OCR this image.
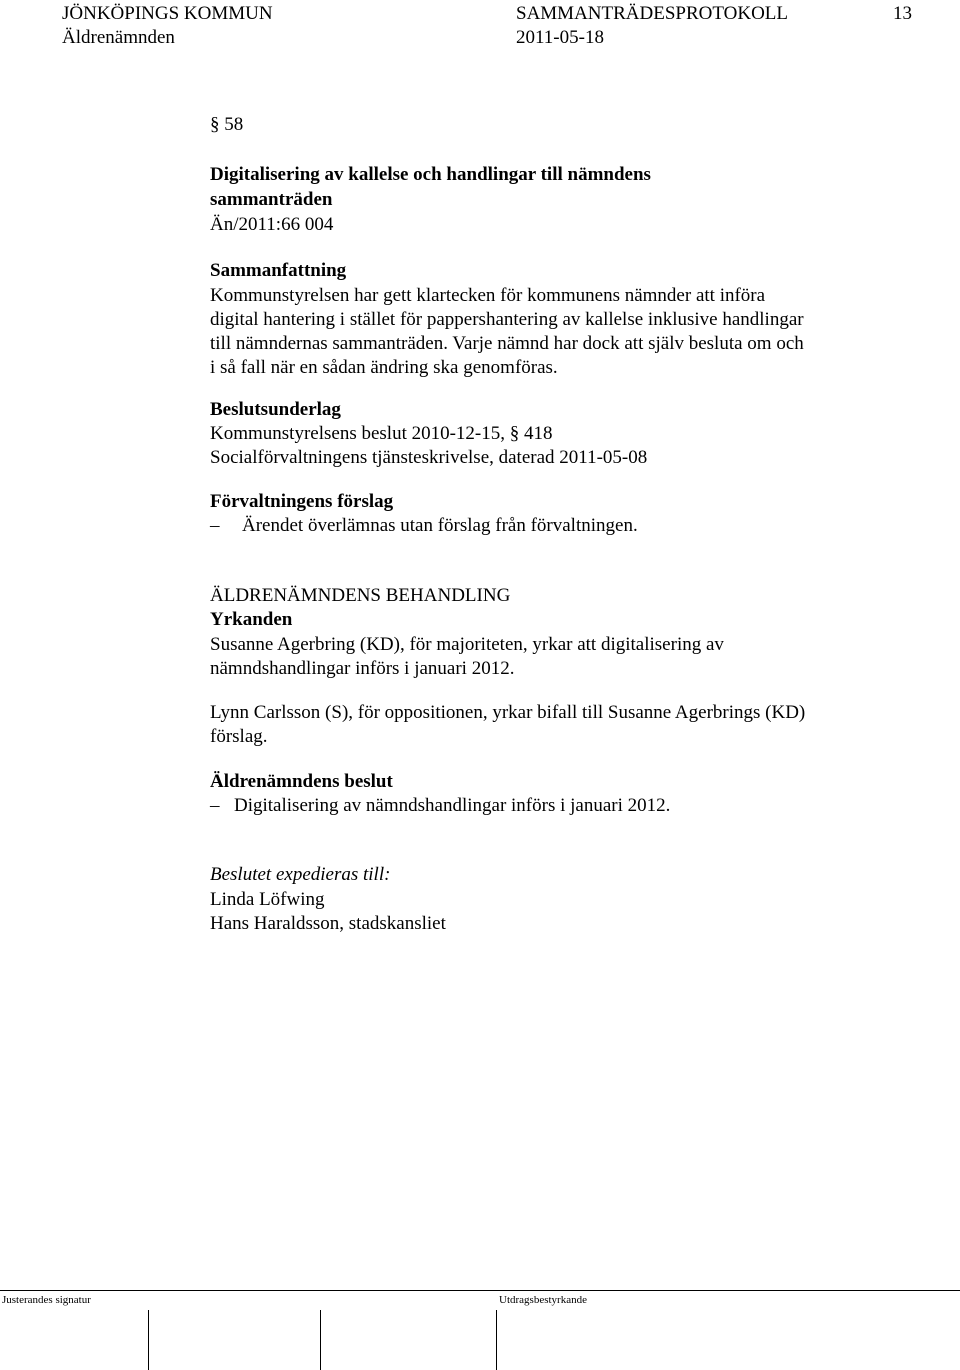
JÖNKÖPINGS KOMMUN	SAMMANTRÄDESPROTOKOLL	13
Äldrenämnden	2011-05-18
§ 58
Digitalisering av kallelse och handlingar till nämndens
sammanträden
Än/2011:66 004
Sammanfattning
Kommunstyrelsen har gett klartecken för kommunens nämnder att införa
digital hantering i stället för pappershantering av kallelse inklusive handlingar
till nämndernas sammanträden. Varje nämnd har dock att själv besluta om och
i så fall när en sådan ändring ska genomföras.
Beslutsunderlag
Kommunstyrelsens beslut 2010-12-15, § 418
Socialförvaltningens tjänsteskrivelse, daterad 2011-05-08
Förvaltningens förslag
– Ärendet överlämnas utan förslag från förvaltningen.
ÄLDRENÄMNDENS BEHANDLING
Yrkanden
Susanne Agerbring (KD), för majoriteten, yrkar att digitalisering av
nämndshandlingar införs i januari 2012.
Lynn Carlsson (S), för oppositionen, yrkar bifall till Susanne Agerbrings (KD)
förslag.
Äldrenämndens beslut
– Digitalisering av nämndshandlingar införs i januari 2012.
Beslutet expedieras till:
Linda Löfwing
Hans Haraldsson, stadskansliet
Justerandes signatur	Utdragsbestyrkande
